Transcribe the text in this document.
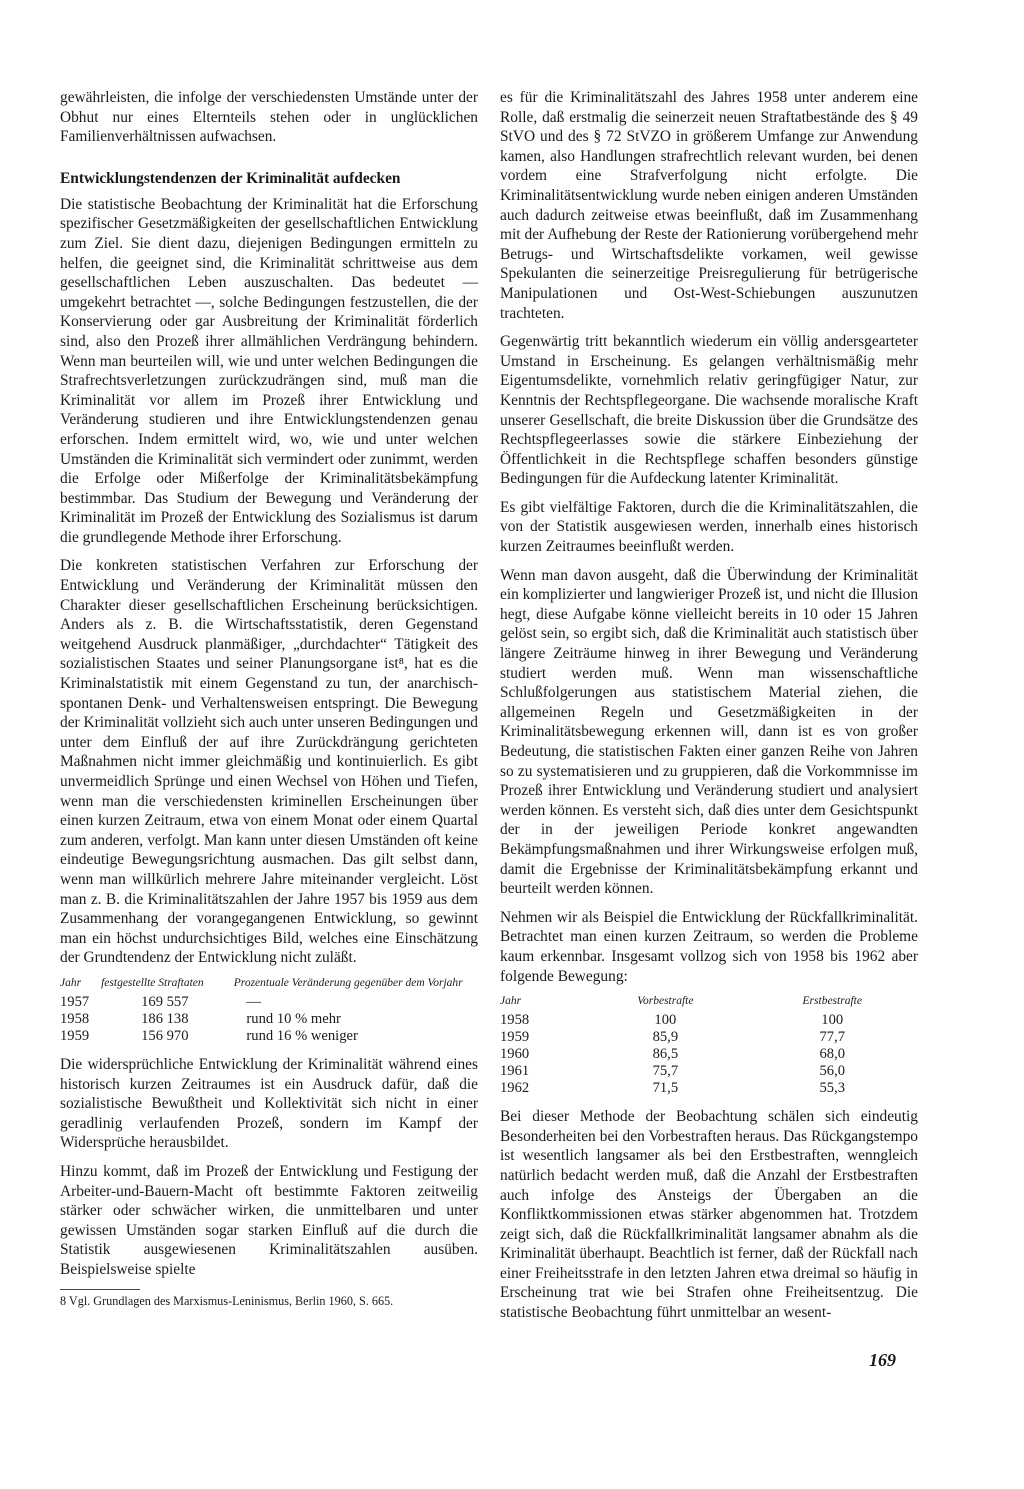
gewährleisten, die infolge der verschiedensten Umstände unter der Obhut nur eines Elternteils stehen oder in unglücklichen Familienverhältnissen aufwachsen.

Entwicklungstendenzen der Kriminalität aufdecken

Die statistische Beobachtung der Kriminalität hat die Erforschung spezifischer Gesetzmäßigkeiten der gesellschaftlichen Entwicklung zum Ziel. Sie dient dazu, diejenigen Bedingungen ermitteln zu helfen, die geeignet sind, die Kriminalität schrittweise aus dem gesellschaftlichen Leben auszuschalten. Das bedeutet — umgekehrt betrachtet —, solche Bedingungen festzustellen, die der Konservierung oder gar Ausbreitung der Kriminalität förderlich sind, also den Prozeß ihrer allmählichen Verdrängung behindern. Wenn man beurteilen will, wie und unter welchen Bedingungen die Strafrechtsverletzungen zurückzudrängen sind, muß man die Kriminalität vor allem im Prozeß ihrer Entwicklung und Veränderung studieren und ihre Entwicklungstendenzen genau erforschen. Indem ermittelt wird, wo, wie und unter welchen Umständen die Kriminalität sich vermindert oder zunimmt, werden die Erfolge oder Mißerfolge der Kriminalitätsbekämpfung bestimmbar. Das Studium der Bewegung und Veränderung der Kriminalität im Prozeß der Entwicklung des Sozialismus ist darum die grundlegende Methode ihrer Erforschung.

Die konkreten statistischen Verfahren zur Erforschung der Entwicklung und Veränderung der Kriminalität müssen den Charakter dieser gesellschaftlichen Erscheinung berücksichtigen. Anders als z. B. die Wirtschaftsstatistik, deren Gegenstand weitgehend Ausdruck planmäßiger, „durchdachter“ Tätigkeit des sozialistischen Staates und seiner Planungsorgane ist⁸, hat es die Kriminalstatistik mit einem Gegenstand zu tun, der anarchisch-spontanen Denk- und Verhaltensweisen entspringt. Die Bewegung der Kriminalität vollzieht sich auch unter unseren Bedingungen und unter dem Einfluß der auf ihre Zurückdrängung gerichteten Maßnahmen nicht immer gleichmäßig und kontinuierlich. Es gibt unvermeidlich Sprünge und einen Wechsel von Höhen und Tiefen, wenn man die verschiedensten kriminellen Erscheinungen über einen kurzen Zeitraum, etwa von einem Monat oder einem Quartal zum anderen, verfolgt. Man kann unter diesen Umständen oft keine eindeutige Bewegungsrichtung ausmachen. Das gilt selbst dann, wenn man willkürlich mehrere Jahre miteinander vergleicht. Löst man z. B. die Kriminalitätszahlen der Jahre 1957 bis 1959 aus dem Zusammenhang der vorangegangenen Entwicklung, so gewinnt man ein höchst undurchsichtiges Bild, welches eine Einschätzung der Grundtendenz der Entwicklung nicht zuläßt.

Jahr	festgestellte Straftaten	Prozentuale Veränderung gegenüber dem Vorjahr
1957	169 557	—
1958	186 138	rund 10 % mehr
1959	156 970	rund 16 % weniger

Die widersprüchliche Entwicklung der Kriminalität während eines historisch kurzen Zeitraumes ist ein Ausdruck dafür, daß die sozialistische Bewußtheit und Kollektivität sich nicht in einer geradlinig verlaufenden Prozeß, sondern im Kampf der Widersprüche herausbildet.

Hinzu kommt, daß im Prozeß der Entwicklung und Festigung der Arbeiter-und-Bauern-Macht oft bestimmte Faktoren zeitweilig stärker oder schwächer wirken, die unmittelbaren und unter gewissen Umständen sogar starken Einfluß auf die durch die Statistik ausgewiesenen Kriminalitätszahlen ausüben. Beispielsweise spielte

8 Vgl. Grundlagen des Marxismus-Leninismus, Berlin 1960, S. 665.

es für die Kriminalitätszahl des Jahres 1958 unter anderem eine Rolle, daß erstmalig die seinerzeit neuen Straftatbestände des § 49 StVO und des § 72 StVZO in größerem Umfange zur Anwendung kamen, also Handlungen strafrechtlich relevant wurden, bei denen vordem eine Strafverfolgung nicht erfolgte. Die Kriminalitätsentwicklung wurde neben einigen anderen Umständen auch dadurch zeitweise etwas beeinflußt, daß im Zusammenhang mit der Aufhebung der Reste der Rationierung vorübergehend mehr Betrugs- und Wirtschaftsdelikte vorkamen, weil gewisse Spekulanten die seinerzeitige Preisregulierung für betrügerische Manipulationen und Ost-West-Schiebungen auszunutzen trachteten.

Gegenwärtig tritt bekanntlich wiederum ein völlig andersgearteter Umstand in Erscheinung. Es gelangen verhältnismäßig mehr Eigentumsdelikte, vornehmlich relativ geringfügiger Natur, zur Kenntnis der Rechtspflegeorgane. Die wachsende moralische Kraft unserer Gesellschaft, die breite Diskussion über die Grundsätze des Rechtspflegeerlasses sowie die stärkere Einbeziehung der Öffentlichkeit in die Rechtspflege schaffen besonders günstige Bedingungen für die Aufdeckung latenter Kriminalität.

Es gibt vielfältige Faktoren, durch die die Kriminalitätszahlen, die von der Statistik ausgewiesen werden, innerhalb eines historisch kurzen Zeitraumes beeinflußt werden.

Wenn man davon ausgeht, daß die Überwindung der Kriminalität ein komplizierter und langwieriger Prozeß ist, und nicht die Illusion hegt, diese Aufgabe könne vielleicht bereits in 10 oder 15 Jahren gelöst sein, so ergibt sich, daß die Kriminalität auch statistisch über längere Zeiträume hinweg in ihrer Bewegung und Veränderung studiert werden muß. Wenn man wissenschaftliche Schlußfolgerungen aus statistischem Material ziehen, die allgemeinen Regeln und Gesetzmäßigkeiten in der Kriminalitätsbewegung erkennen will, dann ist es von großer Bedeutung, die statistischen Fakten einer ganzen Reihe von Jahren so zu systematisieren und zu gruppieren, daß die Vorkommnisse im Prozeß ihrer Entwicklung und Veränderung studiert und analysiert werden können. Es versteht sich, daß dies unter dem Gesichtspunkt der in der jeweiligen Periode konkret angewandten Bekämpfungsmaßnahmen und ihrer Wirkungsweise erfolgen muß, damit die Ergebnisse der Kriminalitätsbekämpfung erkannt und beurteilt werden können.

Nehmen wir als Beispiel die Entwicklung der Rückfallkriminalität. Betrachtet man einen kurzen Zeitraum, so werden die Probleme kaum erkennbar. Insgesamt vollzog sich von 1958 bis 1962 aber folgende Bewegung:

Jahr	Vorbestrafte	Erstbestrafte
1958	100	100
1959	85,9	77,7
1960	86,5	68,0
1961	75,7	56,0
1962	71,5	55,3

Bei dieser Methode der Beobachtung schälen sich eindeutig Besonderheiten bei den Vorbestraften heraus. Das Rückgangstempo ist wesentlich langsamer als bei den Erstbestraften, wenngleich natürlich bedacht werden muß, daß die Anzahl der Erstbestraften auch infolge des Ansteigs der Übergaben an die Konfliktkommissionen etwas stärker abgenommen hat. Trotzdem zeigt sich, daß die Rückfallkriminalität langsamer abnahm als die Kriminalität überhaupt. Beachtlich ist ferner, daß der Rückfall nach einer Freiheitsstrafe in den letzten Jahren etwa dreimal so häufig in Erscheinung trat wie bei Strafen ohne Freiheitsentzug. Die statistische Beobachtung führt unmittelbar an wesent-

169
